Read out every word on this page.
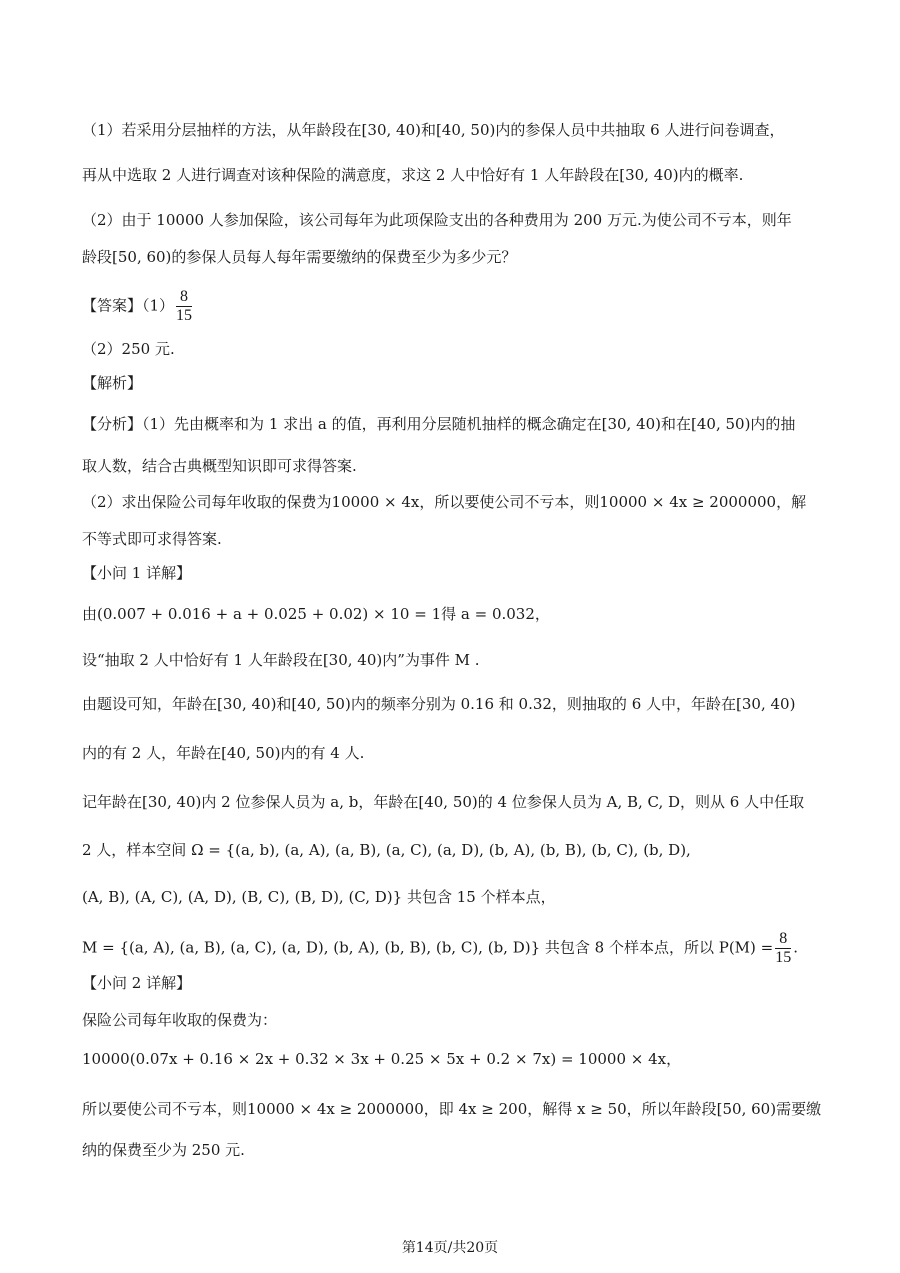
（1）若采用分层抽样的方法，从年龄段在[30, 40)和[40, 50)内的参保人员中共抽取 6 人进行问卷调查，
再从中选取 2 人进行调查对该种保险的满意度，求这 2 人中恰好有 1 人年龄段在[30, 40)内的概率.
（2）由于 10000 人参加保险，该公司每年为此项保险支出的各种费用为 200 万元.为使公司不亏本，则年
龄段[50, 60)的参保人员每人每年需要缴纳的保费至少为多少元？
【答案】$(1) \frac{8}{15}$
（2）250 元.
【解析】
【分析】（1）先由概率和为 1 求出 a 的值，再利用分层随机抽样的概念确定在[30, 40)和在[40, 50)内的抽
取人数，结合古典概型知识即可求得答案.
（2）求出保险公司每年收取的保费为10000 × 4x，所以要使公司不亏本，则10000 × 4x ≥ 2000000，解
不等式即可求得答案.
【小问 1 详解】
由(0.007 + 0.016 + a + 0.025 + 0.02) × 10 = 1得 a = 0.032，
设“抽取 2 人中恰好有 1 人年龄段在[30, 40)内”为事件 M .
由题设可知，年龄在[30, 40)和[40, 50)内的频率分别为 0.16 和 0.32，则抽取的 6 人中，年龄在[30, 40)
内的有 2 人，年龄在[40, 50)内的有 4 人.
记年龄在[30, 40)内 2 位参保人员为 a, b，年龄在[40, 50)的 4 位参保人员为 A, B, C, D，则从 6 人中任取
2 人，样本空间 Ω = {(a, b), (a, A), (a, B), (a, C), (a, D), (b, A), (b, B), (b, C), (b, D),
(A, B), (A, C), (A, D), (B, C), (B, D), (C, D)} 共包含 15 个样本点，
M = {(a, A), (a, B), (a, C), (a, D), (b, A), (b, B), (b, C), (b, D)} 共包含 8 个样本点，所以 $P(M) = \frac{8}{15}$ .
【小问 2 详解】
保险公司每年收取的保费为：
10000(0.07x + 0.16 × 2x + 0.32 × 3x + 0.25 × 5x + 0.2 × 7x) = 10000 × 4x，
所以要使公司不亏本，则10000 × 4x ≥ 2000000，即 4x ≥ 200，解得 x ≥ 50，所以年龄段[50, 60)需要缴
纳的保费至少为 250 元.
第14页/共20页
